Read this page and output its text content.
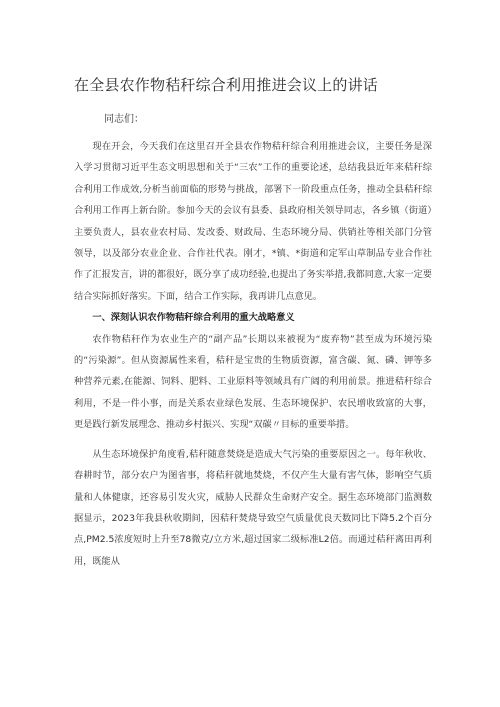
在全县农作物秸秆综合利用推进会议上的讲话

同志们：

现在开会，今天我们在这里召开全县农作物秸秆综合利用推进会议，主要任务是深入学习贯彻习近平生态文明思想和关于“三农”工作的重要论述，总结我县近年来秸秆综合利用工作成效,分析当前面临的形势与挑战，部署下一阶段重点任务，推动全县秸秆综合利用工作再上新台阶。参加今天的会议有县委、县政府相关领导同志，各乡镇（街道）主要负责人，县农业农村局、发改委、财政局、生态环境分局、供销社等相关部门分管领导，以及部分农业企业、合作社代表。刚才，*镇、*街道和定军山草制品专业合作社作了汇报发言，讲的都很好，既分享了成功经验,也提出了务实举措,我都同意,大家一定要结合实际抓好落实。下面，结合工作实际，我再讲几点意见。

一、深刻认识农作物秸秆综合利用的重大战略意义

农作物秸秆作为农业生产的“副产品”长期以来被视为“废弃物”甚至成为环境污染的“污染源”。但从资源属性来看，秸秆是宝贵的生物质资源，富含碳、氮、磷、钾等多种营养元素,在能源、饲料、肥料、工业原料等领域具有广阔的利用前景。推进秸秆综合利用，不是一件小事，而是关系农业绿色发展、生态环境保护、农民增收致富的大事，更是践行新发展理念、推动乡村振兴、实现“双碳〃目标的重要举措。

从生态环境保护角度看,秸秆随意焚烧是造成大气污染的重要原因之一。每年秋收、春耕时节，部分农户为图省事，将秸秆就地焚烧，不仅产生大量有害气体，影响空气质量和人体健康，还容易引发火灾，威胁人民群众生命财产安全。据生态环境部门监测数据显示，2023年我县秋收期间，因秸秆焚烧导致空气质量优良天数同比下降5.2个百分点,PM2.5浓度短时上升至78微克/立方米,超过国家二级标准L2倍。而通过秸秆离田再利用，既能从
